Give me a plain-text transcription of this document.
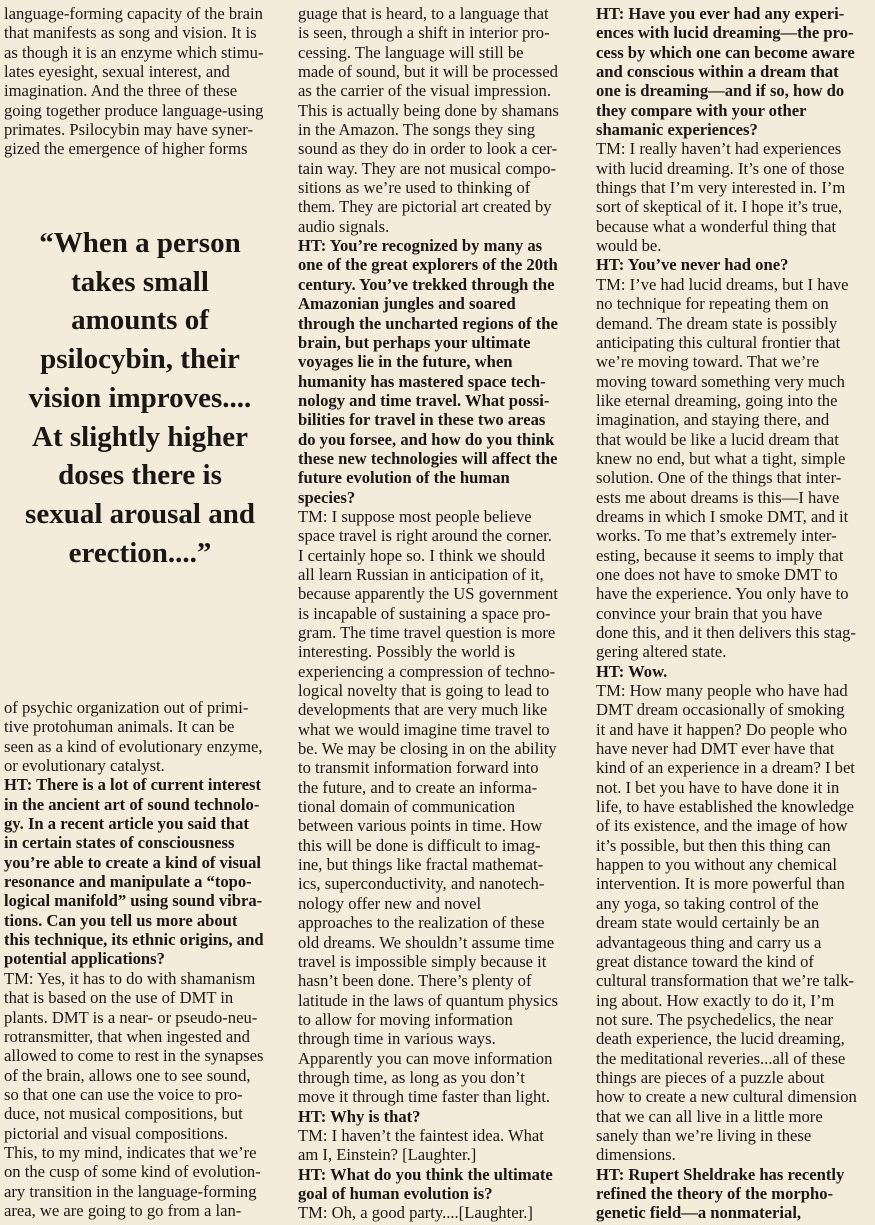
language-forming capacity of the brain
that manifests as song and vision. It is
as though it is an enzyme which stimu-
lates eyesight, sexual interest, and
imagination. And the three of these
going together produce language-using
primates. Psilocybin may have syner-
gized the emergence of higher forms
“When a person
takes small
amounts of
psilocybin, their
vision improves....
At slightly higher
doses there is
sexual arousal and
erection....”
of psychic organization out of primi-
tive protohuman animals. It can be
seen as a kind of evolutionary enzyme,
or evolutionary catalyst.
HT: There is a lot of current interest
in the ancient art of sound technolo-
gy. In a recent article you said that
in certain states of consciousness
you’re able to create a kind of visual
resonance and manipulate a “topo-
logical manifold” using sound vibra-
tions. Can you tell us more about
this technique, its ethnic origins, and
potential applications?
TM: Yes, it has to do with shamanism
that is based on the use of DMT in
plants. DMT is a near- or pseudo-neu-
rotransmitter, that when ingested and
allowed to come to rest in the synapses
of the brain, allows one to see sound,
so that one can use the voice to pro-
duce, not musical compositions, but
pictorial and visual compositions.
This, to my mind, indicates that we’re
on the cusp of some kind of evolution-
ary transition in the language-forming
area, we are going to go from a lan-
guage that is heard, to a language that
is seen, through a shift in interior pro-
cessing. The language will still be
made of sound, but it will be processed
as the carrier of the visual impression.
This is actually being done by shamans
in the Amazon. The songs they sing
sound as they do in order to look a cer-
tain way. They are not musical compo-
sitions as we’re used to thinking of
them. They are pictorial art created by
audio signals.
HT: You’re recognized by many as
one of the great explorers of the 20th
century. You’ve trekked through the
Amazonian jungles and soared
through the uncharted regions of the
brain, but perhaps your ultimate
voyages lie in the future, when
humanity has mastered space tech-
nology and time travel. What possi-
bilities for travel in these two areas
do you forsee, and how do you think
these new technologies will affect the
future evolution of the human
species?
TM: I suppose most people believe
space travel is right around the corner.
I certainly hope so. I think we should
all learn Russian in anticipation of it,
because apparently the US government
is incapable of sustaining a space pro-
gram. The time travel question is more
interesting. Possibly the world is
experiencing a compression of techno-
logical novelty that is going to lead to
developments that are very much like
what we would imagine time travel to
be. We may be closing in on the ability
to transmit information forward into
the future, and to create an informa-
tional domain of communication
between various points in time. How
this will be done is difficult to imag-
ine, but things like fractal mathemat-
ics, superconductivity, and nanotech-
nology offer new and novel
approaches to the realization of these
old dreams. We shouldn’t assume time
travel is impossible simply because it
hasn’t been done. There’s plenty of
latitude in the laws of quantum physics
to allow for moving information
through time in various ways.
Apparently you can move information
through time, as long as you don’t
move it through time faster than light.
HT: Why is that?
TM: I haven’t the faintest idea. What
am I, Einstein? [Laughter.]
HT: What do you think the ultimate
goal of human evolution is?
TM: Oh, a good party....[Laughter.]
HT: Have you ever had any experi-
ences with lucid dreaming—the pro-
cess by which one can become aware
and conscious within a dream that
one is dreaming—and if so, how do
they compare with your other
shamanic experiences?
TM: I really haven’t had experiences
with lucid dreaming. It’s one of those
things that I’m very interested in. I’m
sort of skeptical of it. I hope it’s true,
because what a wonderful thing that
would be.
HT: You’ve never had one?
TM: I’ve had lucid dreams, but I have
no technique for repeating them on
demand. The dream state is possibly
anticipating this cultural frontier that
we’re moving toward. That we’re
moving toward something very much
like eternal dreaming, going into the
imagination, and staying there, and
that would be like a lucid dream that
knew no end, but what a tight, simple
solution. One of the things that inter-
ests me about dreams is this—I have
dreams in which I smoke DMT, and it
works. To me that’s extremely inter-
esting, because it seems to imply that
one does not have to smoke DMT to
have the experience. You only have to
convince your brain that you have
done this, and it then delivers this stag-
gering altered state.
HT: Wow.
TM: How many people who have had
DMT dream occasionally of smoking
it and have it happen? Do people who
have never had DMT ever have that
kind of an experience in a dream? I bet
not. I bet you have to have done it in
life, to have established the knowledge
of its existence, and the image of how
it’s possible, but then this thing can
happen to you without any chemical
intervention. It is more powerful than
any yoga, so taking control of the
dream state would certainly be an
advantageous thing and carry us a
great distance toward the kind of
cultural transformation that we’re talk-
ing about. How exactly to do it, I’m
not sure. The psychedelics, the near
death experience, the lucid dreaming,
the meditational reveries...all of these
things are pieces of a puzzle about
how to create a new cultural dimension
that we can all live in a little more
sanely than we’re living in these
dimensions.
HT: Rupert Sheldrake has recently
refined the theory of the morpho-
genetic field—a nonmaterial,
